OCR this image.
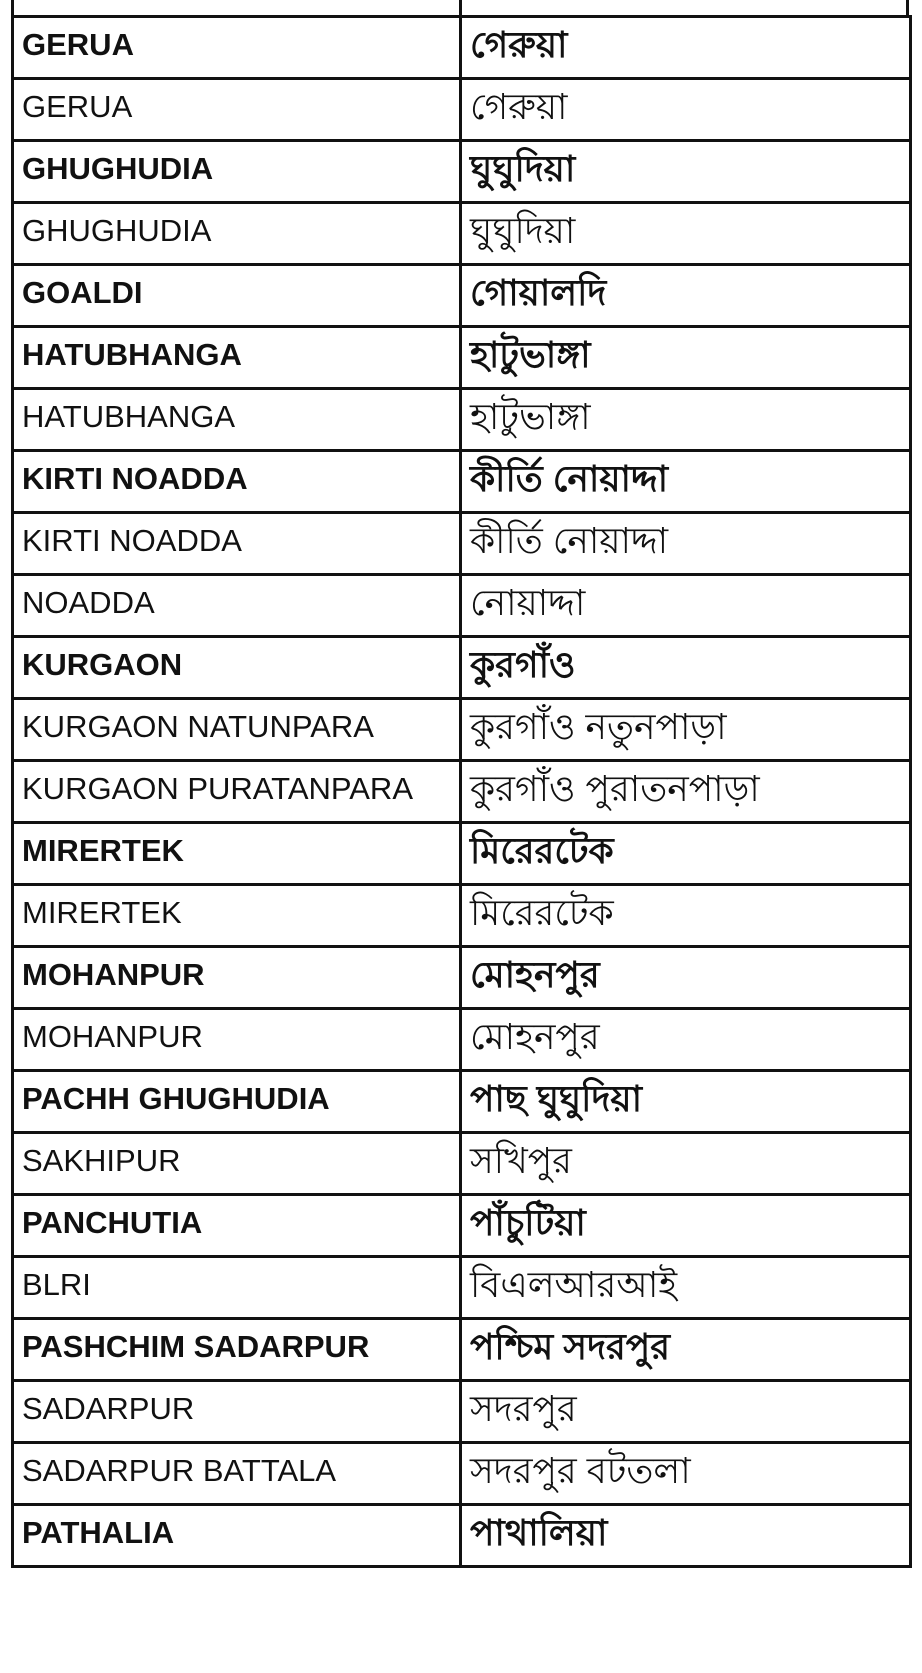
GERUA	গেরুয়া
GERUA	গেরুয়া
GHUGHUDIA	ঘুঘুদিয়া
GHUGHUDIA	ঘুঘুদিয়া
GOALDI	গোয়ালদি
HATUBHANGA	হাটুভাঙ্গা
HATUBHANGA	হাটুভাঙ্গা
KIRTI NOADDA	কীর্তি নোয়াদ্দা
KIRTI NOADDA	কীর্তি নোয়াদ্দা
NOADDA	নোয়াদ্দা
KURGAON	কুরগাঁও
KURGAON NATUNPARA	কুরগাঁও নতুনপাড়া
KURGAON PURATANPARA	কুরগাঁও পুরাতনপাড়া
MIRERTEK	মিরেরটেক
MIRERTEK	মিরেরটেক
MOHANPUR	মোহনপুর
MOHANPUR	মোহনপুর
PACHH GHUGHUDIA	পাছ ঘুঘুদিয়া
SAKHIPUR	সখিপুর
PANCHUTIA	পাঁচুটিয়া
BLRI	বিএলআরআই
PASHCHIM SADARPUR	পশ্চিম সদরপুর
SADARPUR	সদরপুর
SADARPUR BATTALA	সদরপুর বটতলা
PATHALIA	পাথালিয়া
